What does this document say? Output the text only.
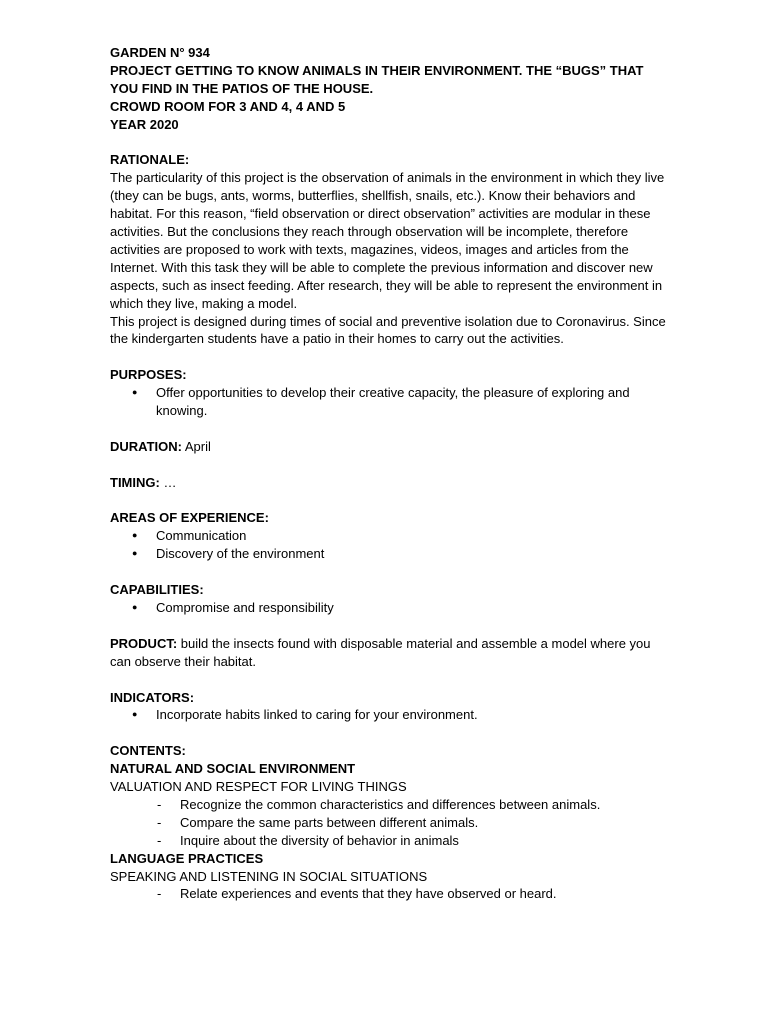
GARDEN N° 934

PROJECT GETTING TO KNOW ANIMALS IN THEIR ENVIRONMENT. THE “BUGS” THAT YOU FIND IN THE PATIOS OF THE HOUSE.

CROWD ROOM FOR 3 AND 4, 4 AND 5

YEAR 2020

RATIONALE:

The particularity of this project is the observation of animals in the environment in which they live (they can be bugs, ants, worms, butterflies, shellfish, snails, etc.). Know their behaviors and habitat. For this reason, “field observation or direct observation” activities are modular in these activities. But the conclusions they reach through observation will be incomplete, therefore activities are proposed to work with texts, magazines, videos, images and articles from the Internet. With this task they will be able to complete the previous information and discover new aspects, such as insect feeding. After research, they will be able to represent the environment in which they live, making a model.

This project is designed during times of social and preventive isolation due to Coronavirus. Since the kindergarten students have a patio in their homes to carry out the activities.

PURPOSES:

● Offer opportunities to develop their creative capacity, the pleasure of exploring and knowing.

DURATION: April

TIMING: …

AREAS OF EXPERIENCE:

● Communication
● Discovery of the environment

CAPABILITIES:

● Compromise and responsibility

PRODUCT: build the insects found with disposable material and assemble a model where you can observe their habitat.

INDICATORS:

● Incorporate habits linked to caring for your environment.

CONTENTS:

NATURAL AND SOCIAL ENVIRONMENT

VALUATION AND RESPECT FOR LIVING THINGS

- Recognize the common characteristics and differences between animals.
- Compare the same parts between different animals.
- Inquire about the diversity of behavior in animals

LANGUAGE PRACTICES

SPEAKING AND LISTENING IN SOCIAL SITUATIONS

- Relate experiences and events that they have observed or heard.
